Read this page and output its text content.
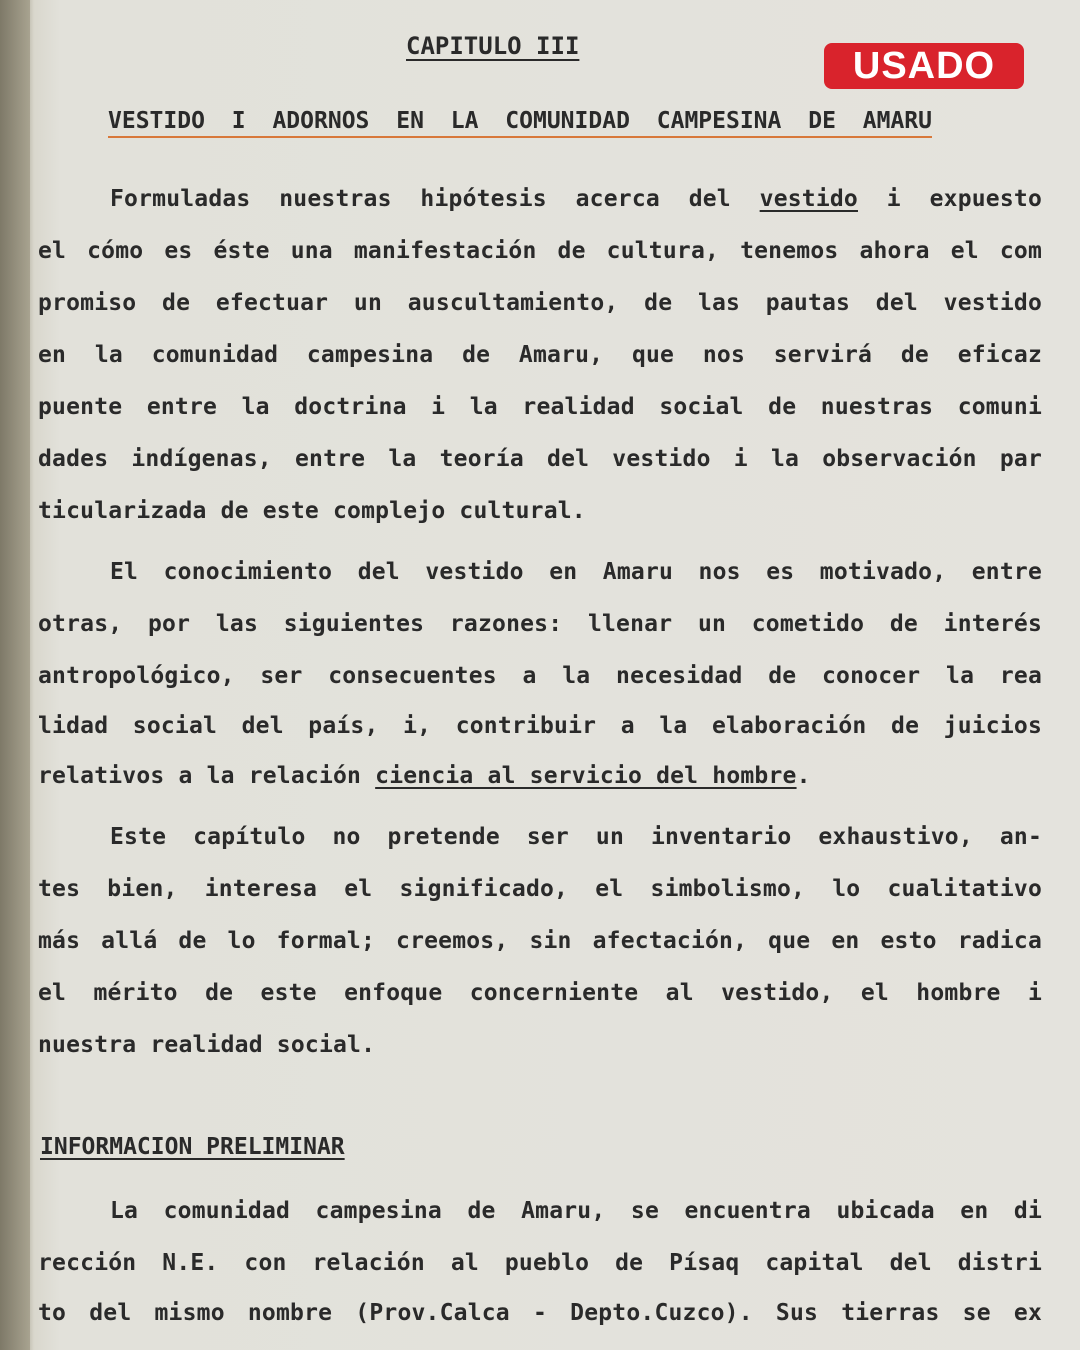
USADO
CAPITULO III
VESTIDO I ADORNOS EN LA COMUNIDAD CAMPESINA DE AMARU
Formuladas nuestras hipótesis acerca del vestido i expuesto
el cómo es éste una manifestación de cultura, tenemos ahora el com
promiso de efectuar un auscultamiento, de las pautas del vestido
en la comunidad campesina de Amaru, que nos servirá de eficaz
puente entre la doctrina i la realidad social de nuestras comuni
dades indígenas, entre la teoría del vestido i la observación par
ticularizada de este complejo cultural.
El conocimiento del vestido en Amaru nos es motivado, entre
otras, por las siguientes razones: llenar un cometido de interés
antropológico, ser consecuentes a la necesidad de conocer la rea
lidad social del país, i, contribuir a la elaboración de juicios
relativos a la relación ciencia al servicio del hombre.
Este capítulo no pretende ser un inventario exhaustivo, an-
tes bien, interesa el significado, el simbolismo, lo cualitativo
más allá de lo formal; creemos, sin afectación, que en esto radica
el mérito de este enfoque concerniente al vestido, el hombre i
nuestra realidad social.
INFORMACION PRELIMINAR
La comunidad campesina de Amaru, se encuentra ubicada en di
rección N.E. con relación al pueblo de Písaq capital del distri
to del mismo nombre (Prov.Calca - Depto.Cuzco). Sus tierras se ex
